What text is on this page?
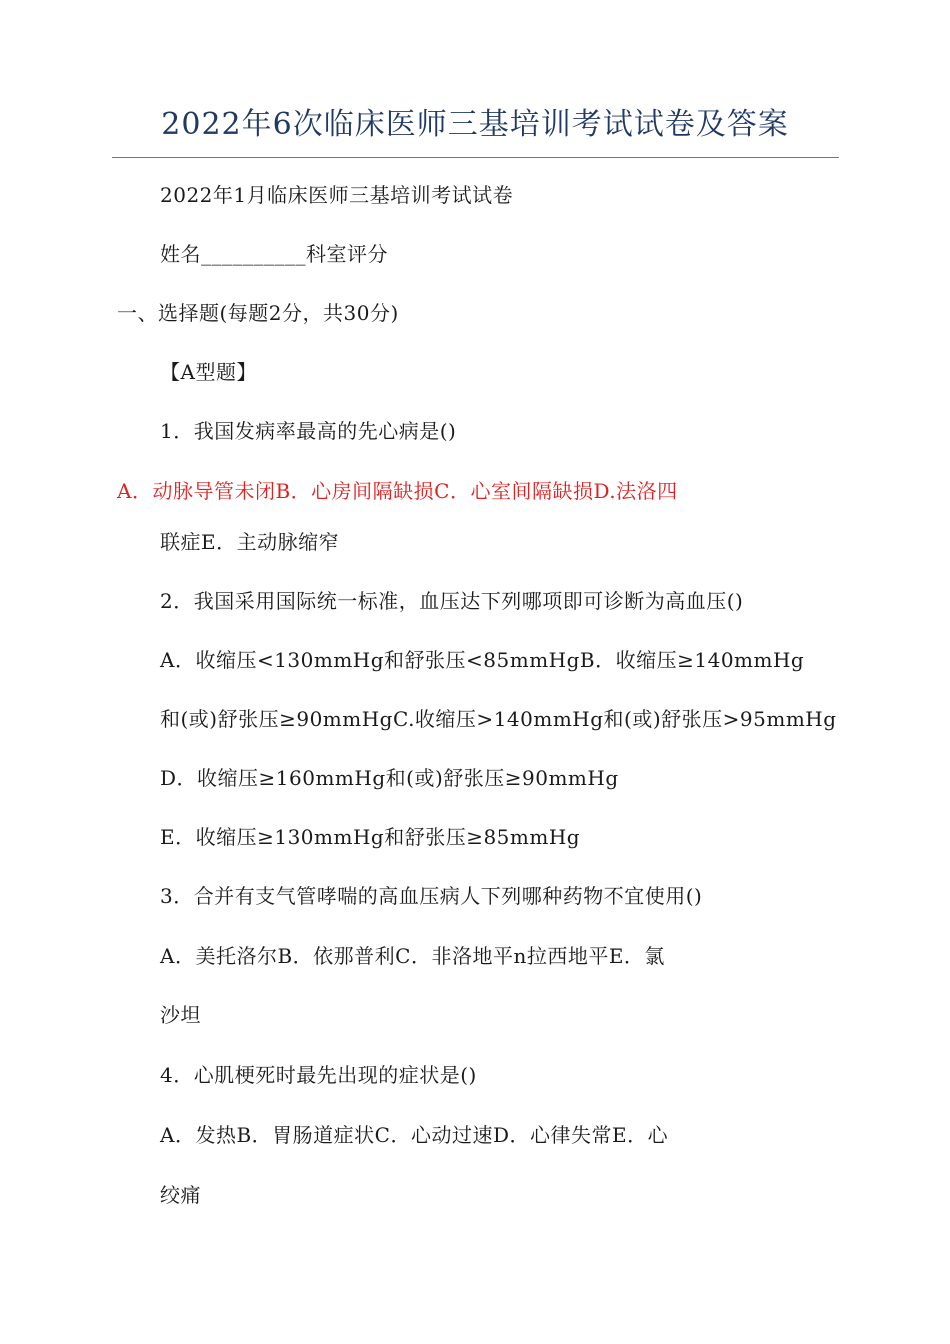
2022年6次临床医师三基培训考试试卷及答案
2022年1月临床医师三基培训考试试卷
姓名__________科室评分
一、选择题(每题2分，共30分)
【A型题】
1．我国发病率最高的先心病是()
A．动脉导管未闭B．心房间隔缺损C．心室间隔缺损D.法洛四
联症E．主动脉缩窄
2．我国采用国际统一标准，血压达下列哪项即可诊断为高血压()
A．收缩压<130mmHg和舒张压<85mmHgB．收缩压≥140mmHg
和(或)舒张压≥90mmHgC.收缩压>140mmHg和(或)舒张压>95mmHg
D．收缩压≥160mmHg和(或)舒张压≥90mmHg
E．收缩压≥130mmHg和舒张压≥85mmHg
3．合并有支气管哮喘的高血压病人下列哪种药物不宜使用()
A．美托洛尔B．依那普利C．非洛地平n拉西地平E．氯
沙坦
4．心肌梗死时最先出现的症状是()
A．发热B．胃肠道症状C．心动过速D．心律失常E．心
绞痛
